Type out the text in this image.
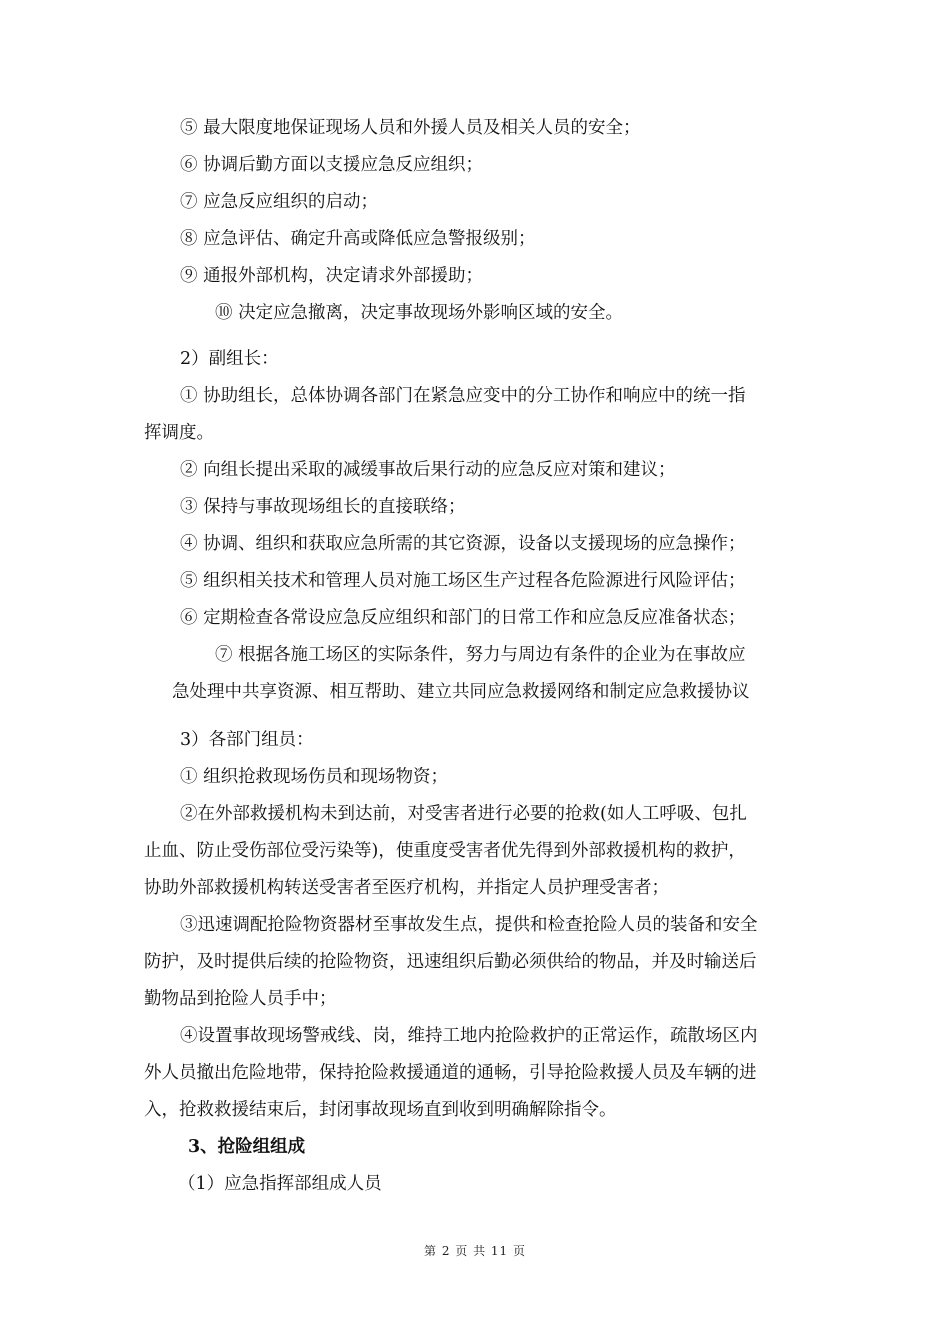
⑤ 最大限度地保证现场人员和外援人员及相关人员的安全；
⑥ 协调后勤方面以支援应急反应组织；
⑦ 应急反应组织的启动；
⑧ 应急评估、确定升高或降低应急警报级别；
⑨ 通报外部机构，决定请求外部援助；
⑩ 决定应急撤离，决定事故现场外影响区域的安全。
2）副组长：
① 协助组长，总体协调各部门在紧急应变中的分工协作和响应中的统一指
挥调度。
② 向组长提出采取的减缓事故后果行动的应急反应对策和建议；
③ 保持与事故现场组长的直接联络；
④ 协调、组织和获取应急所需的其它资源，设备以支援现场的应急操作；
⑤ 组织相关技术和管理人员对施工场区生产过程各危险源进行风险评估；
⑥ 定期检查各常设应急反应组织和部门的日常工作和应急反应准备状态；
⑦ 根据各施工场区的实际条件，努力与周边有条件的企业为在事故应
急处理中共享资源、相互帮助、建立共同应急救援网络和制定应急救援协议
3）各部门组员：
① 组织抢救现场伤员和现场物资；
②在外部救援机构未到达前，对受害者进行必要的抢救(如人工呼吸、包扎
止血、防止受伤部位受污染等)，使重度受害者优先得到外部救援机构的救护，
协助外部救援机构转送受害者至医疗机构，并指定人员护理受害者；
③迅速调配抢险物资器材至事故发生点，提供和检查抢险人员的装备和安全
防护，及时提供后续的抢险物资，迅速组织后勤必须供给的物品，并及时输送后
勤物品到抢险人员手中；
④设置事故现场警戒线、岗，维持工地内抢险救护的正常运作，疏散场区内
外人员撤出危险地带，保持抢险救援通道的通畅，引导抢险救援人员及车辆的进
入，抢救救援结束后，封闭事故现场直到收到明确解除指令。
3、抢险组组成
（1）应急指挥部组成人员
第 2 页 共 11 页
